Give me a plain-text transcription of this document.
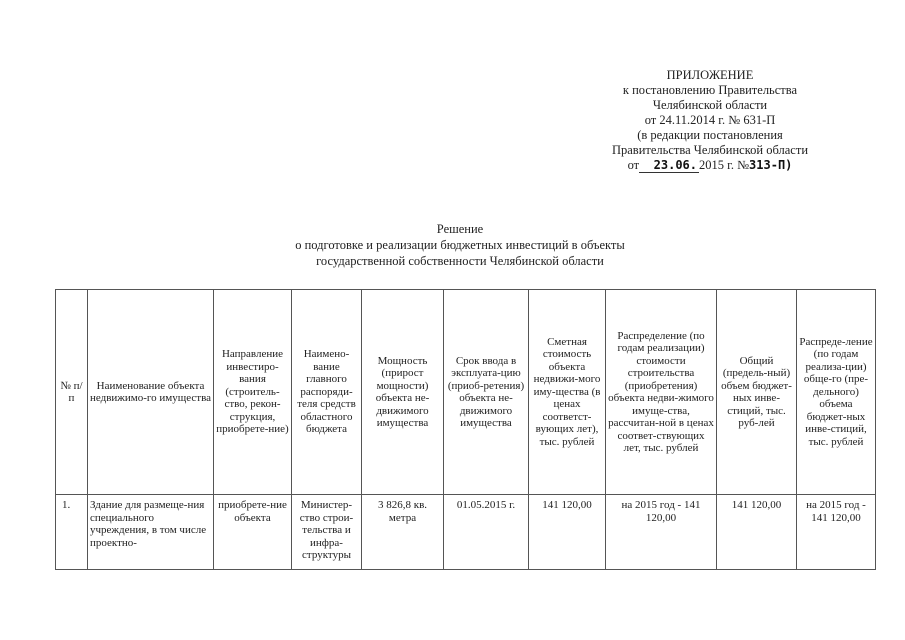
ПРИЛОЖЕНИЕ
к постановлению Правительства
Челябинской области
от 24.11.2014 г. № 631-П
(в редакции постановления
Правительства Челябинской области
от 23.06. 2015 г. №313-П)
Решение
о подготовке и реализации бюджетных инвестиций в объекты
государственной собственности Челябинской области
№ п/п	Наименование объекта недвижимо-го имущества	Направление инвестиро-вания (строитель-ство, рекон-струкция, приобрете-ние)	Наимено-вание главного распоряди-теля средств областного бюджета	Мощность (прирост мощности) объекта не-движимого имущества	Срок ввода в эксплуата-цию (приоб-ретения) объекта не-движимого имущества	Сметная стоимость объекта недвижи-мого иму-щества (в ценах соответст-вующих лет), тыс. рублей	Распределение (по годам реализации) стоимости строительства (приобретения) объекта недви-жимого имуще-ства, рассчитан-ной в ценах соответ-ствующих лет, тыс. рублей	Общий (предель-ный) объем бюджет-ных инве-стиций, тыс. руб-лей	Распреде-ление (по годам реализа-ции) обще-го (пре-дельного) объема бюджет-ных инве-стиций, тыс. рублей
1.	Здание для размеще-ния специального учреждения, в том числе проектно-	приобрете-ние объекта	Министер-ство строи-тельства и инфра-структуры	3 826,8 кв. метра	01.05.2015 г.	141 120,00	на 2015 год - 141 120,00	141 120,00	на 2015 год - 141 120,00
